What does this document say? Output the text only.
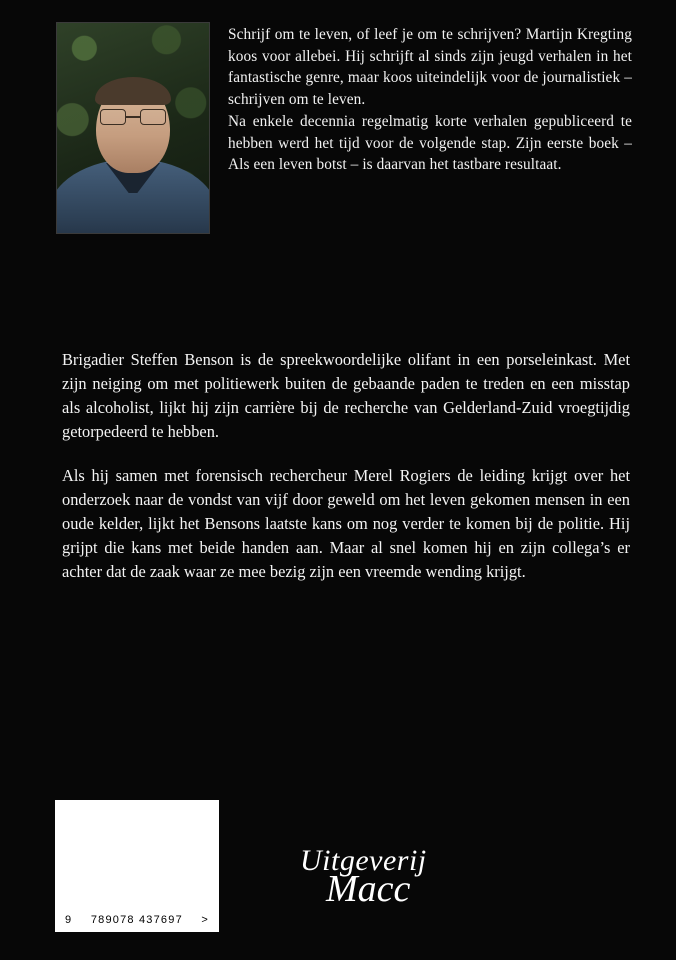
Schrijf om te leven, of leef je om te schrijven? Martijn Kregting koos voor allebei. Hij schrijft al sinds zijn jeugd verhalen in het fantastische genre, maar koos uiteindelijk voor de journalistiek – schrijven om te leven.

Na enkele decennia regelmatig korte verhalen gepubliceerd te hebben werd het tijd voor de volgende stap. Zijn eerste boek – Als een leven botst – is daarvan het tastbare resultaat.

Brigadier Steffen Benson is de spreekwoordelijke olifant in een porseleinkast. Met zijn neiging om met politiewerk buiten de gebaande paden te treden en een misstap als alcoholist, lijkt hij zijn carrière bij de recherche van Gelderland-Zuid vroegtijdig getorpedeerd te hebben.

Als hij samen met forensisch rechercheur Merel Rogiers de leiding krijgt over het onderzoek naar de vondst van vijf door geweld om het leven gekomen mensen in een oude kelder, lijkt het Bensons laatste kans om nog verder te komen bij de politie. Hij grijpt die kans met beide handen aan. Maar al snel komen hij en zijn collega’s er achter dat de zaak waar ze mee bezig zijn een vreemde wending krijgt.

9 789078 437697 >
Uitgeverij
Macc
